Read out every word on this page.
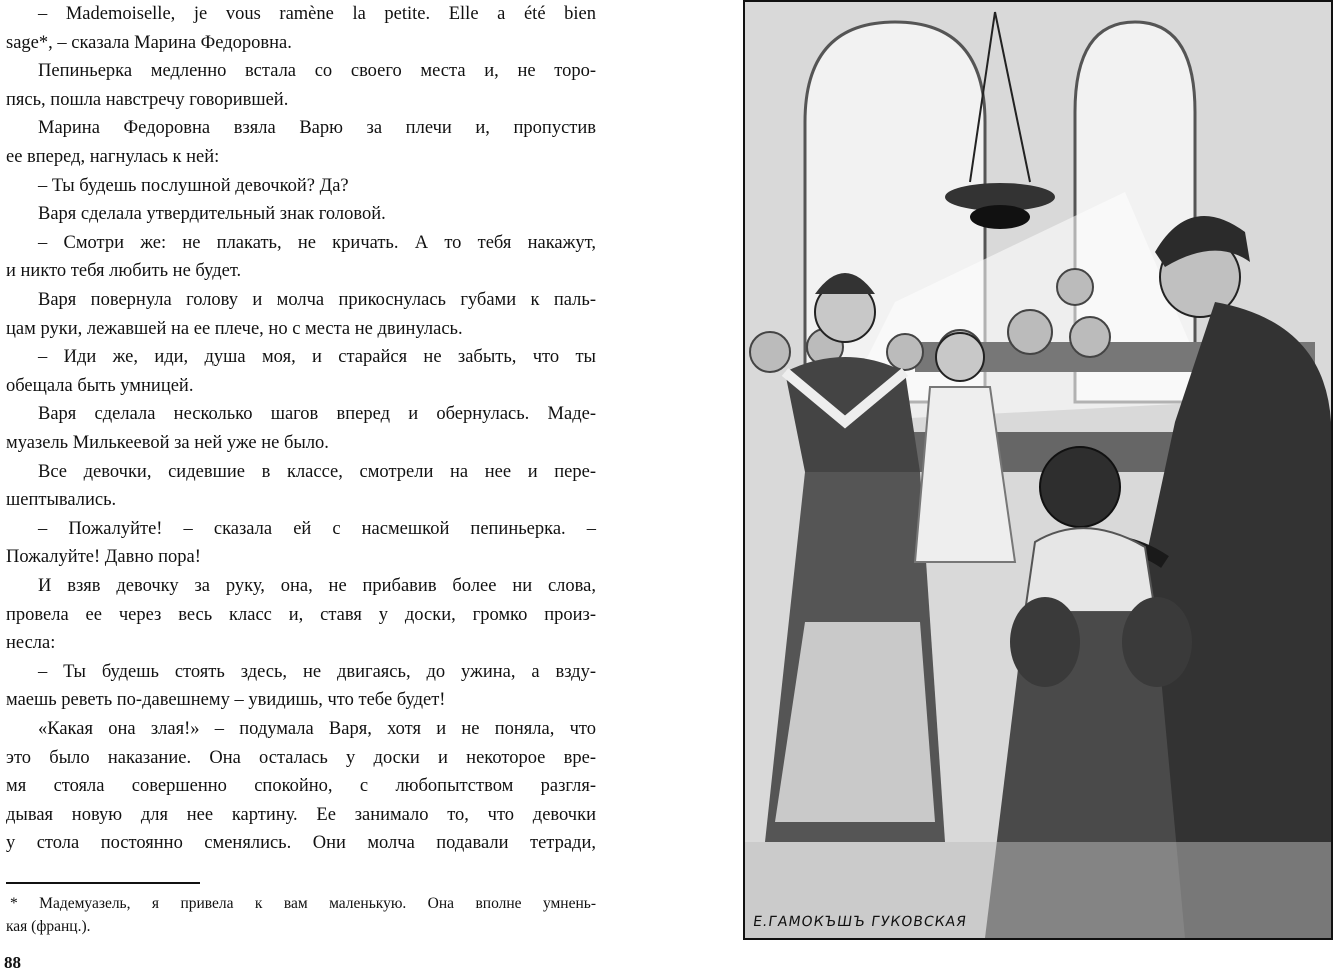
– Mademoiselle, je vous ramène la petite. Elle a été bien
sage*, – сказала Марина Федоровна.
Пепиньерка медленно встала со своего места и, не торо-
пясь, пошла навстречу говорившей.
Марина Федоровна взяла Варю за плечи и, пропустив
ее вперед, нагнулась к ней:
– Ты будешь послушной девочкой? Да?
Варя сделала утвердительный знак головой.
– Смотри же: не плакать, не кричать. А то тебя накажут,
и никто тебя любить не будет.
Варя повернула голову и молча прикоснулась губами к паль-
цам руки, лежавшей на ее плече, но с места не двинулась.
– Иди же, иди, душа моя, и старайся не забыть, что ты
обещала быть умницей.
Варя сделала несколько шагов вперед и обернулась. Маде-
муазель Милькеевой за ней уже не было.
Все девочки, сидевшие в классе, смотрели на нее и пере-
шептывались.
– Пожалуйте! – сказала ей с насмешкой пепиньерка. –
Пожалуйте! Давно пора!
И взяв девочку за руку, она, не прибавив более ни слова,
провела ее через весь класс и, ставя у доски, громко произ-
несла:
– Ты будешь стоять здесь, не двигаясь, до ужина, а взду-
маешь реветь по-давешнему – увидишь, что тебе будет!
«Какая она злая!» – подумала Варя, хотя и не поняла, что
это было наказание. Она осталась у доски и некоторое вре-
мя стояла совершенно спокойно, с любопытством разгля-
дывая новую для нее картину. Ее занимало то, что девочки
у стола постоянно сменялись. Они молча подавали тетради,
* Мадемуазель, я привела к вам маленькую. Она вполне умнень-
кая (франц.).
88
Е.ГАМОКЪШЪ ГУКОВСКАЯ
